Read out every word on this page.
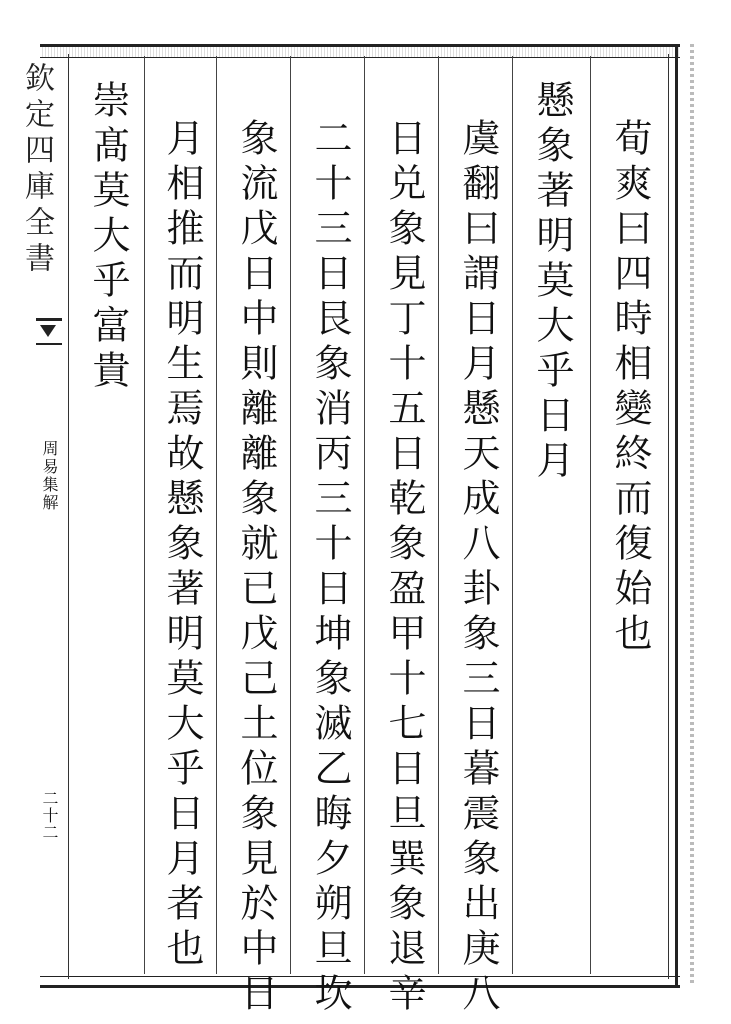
欽定四庫全書
周易集解
二十二
荀爽曰四時相變終而復始也
懸象著明莫大乎日月
虞翻曰謂日月懸天成八卦象三日暮震象出庚八
日兑象見丁十五日乾象盈甲十七日旦巽象退辛
二十三日艮象消丙三十日坤象滅乙晦夕朔旦坎
象流戊日中則離離象就已戊己土位象見於中日
月相推而明生焉故懸象著明莫大乎日月者也
崇髙莫大乎富貴
